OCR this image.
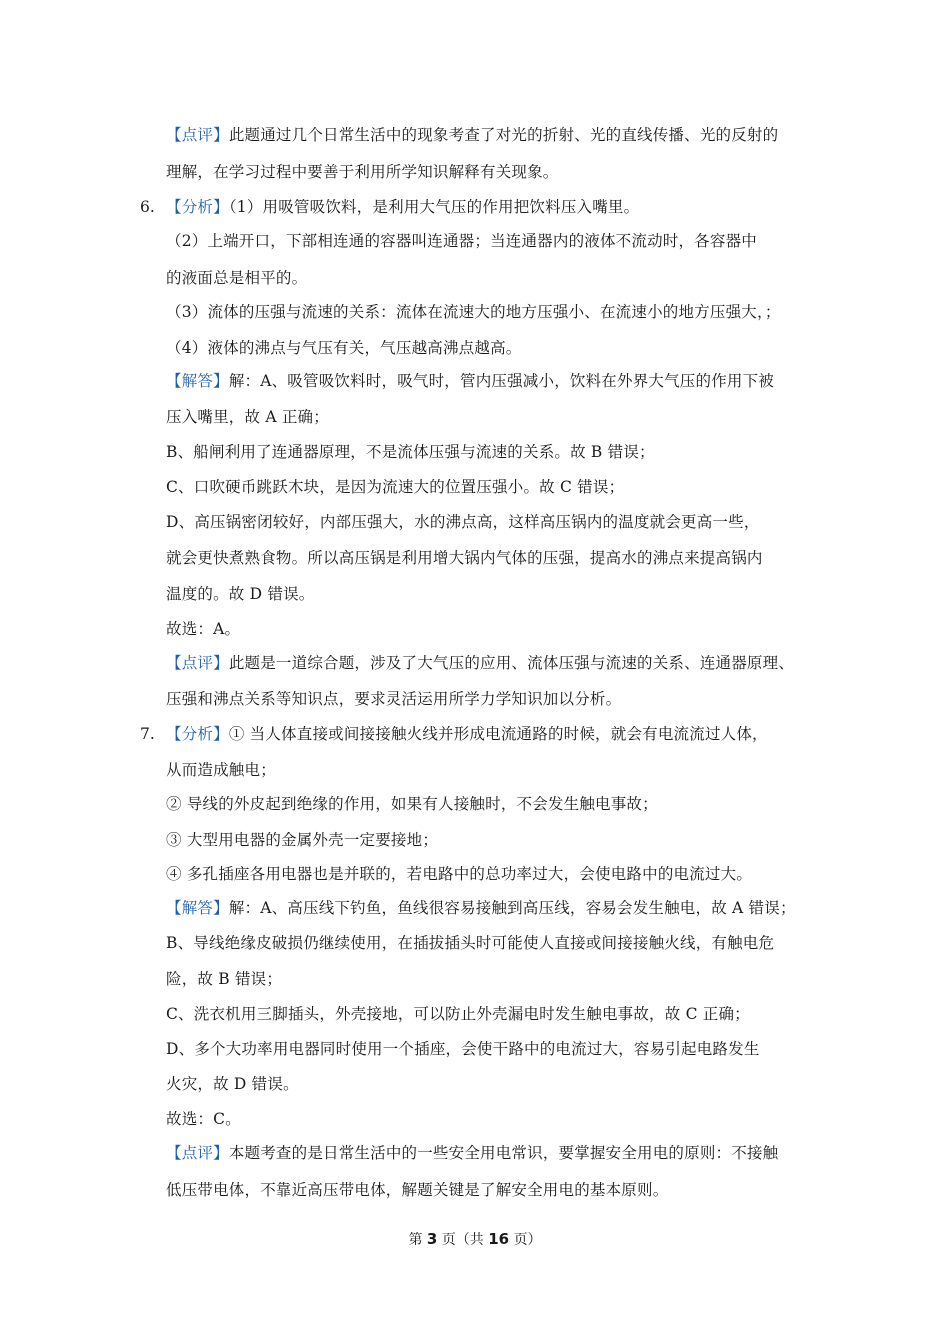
【点评】此题通过几个日常生活中的现象考查了对光的折射、光的直线传播、光的反射的
理解，在学习过程中要善于利用所学知识解释有关现象。
6. 【分析】（1）用吸管吸饮料，是利用大气压的作用把饮料压入嘴里。
（2）上端开口，下部相连通的容器叫连通器；当连通器内的液体不流动时，各容器中
的液面总是相平的。
（3）流体的压强与流速的关系：流体在流速大的地方压强小、在流速小的地方压强大，；
（4）液体的沸点与气压有关，气压越高沸点越高。
【解答】解：A、吸管吸饮料时，吸气时，管内压强减小，饮料在外界大气压的作用下被
压入嘴里，故 A 正确；
B、船闸利用了连通器原理，不是流体压强与流速的关系。故 B 错误；
C、口吹硬币跳跃木块，是因为流速大的位置压强小。故 C 错误；
D、高压锅密闭较好，内部压强大，水的沸点高，这样高压锅内的温度就会更高一些，
就会更快煮熟食物。所以高压锅是利用增大锅内气体的压强，提高水的沸点来提高锅内
温度的。故 D 错误。
故选：A。
【点评】此题是一道综合题，涉及了大气压的应用、流体压强与流速的关系、连通器原理、
压强和沸点关系等知识点，要求灵活运用所学力学知识加以分析。
7. 【分析】① 当人体直接或间接接触火线并形成电流通路的时候，就会有电流流过人体，
从而造成触电；
② 导线的外皮起到绝缘的作用，如果有人接触时，不会发生触电事故；
③ 大型用电器的金属外壳一定要接地；
④ 多孔插座各用电器也是并联的，若电路中的总功率过大，会使电路中的电流过大。
【解答】解：A、高压线下钓鱼，鱼线很容易接触到高压线，容易会发生触电，故 A 错误；
B、导线绝缘皮破损仍继续使用，在插拔插头时可能使人直接或间接接触火线，有触电危
险，故 B 错误；
C、洗衣机用三脚插头，外壳接地，可以防止外壳漏电时发生触电事故，故 C 正确；
D、多个大功率用电器同时使用一个插座，会使干路中的电流过大，容易引起电路发生
火灾，故 D 错误。
故选：C。
【点评】本题考查的是日常生活中的一些安全用电常识，要掌握安全用电的原则：不接触
低压带电体，不靠近高压带电体，解题关键是了解安全用电的基本原则。
第 3 页（共 16 页）
